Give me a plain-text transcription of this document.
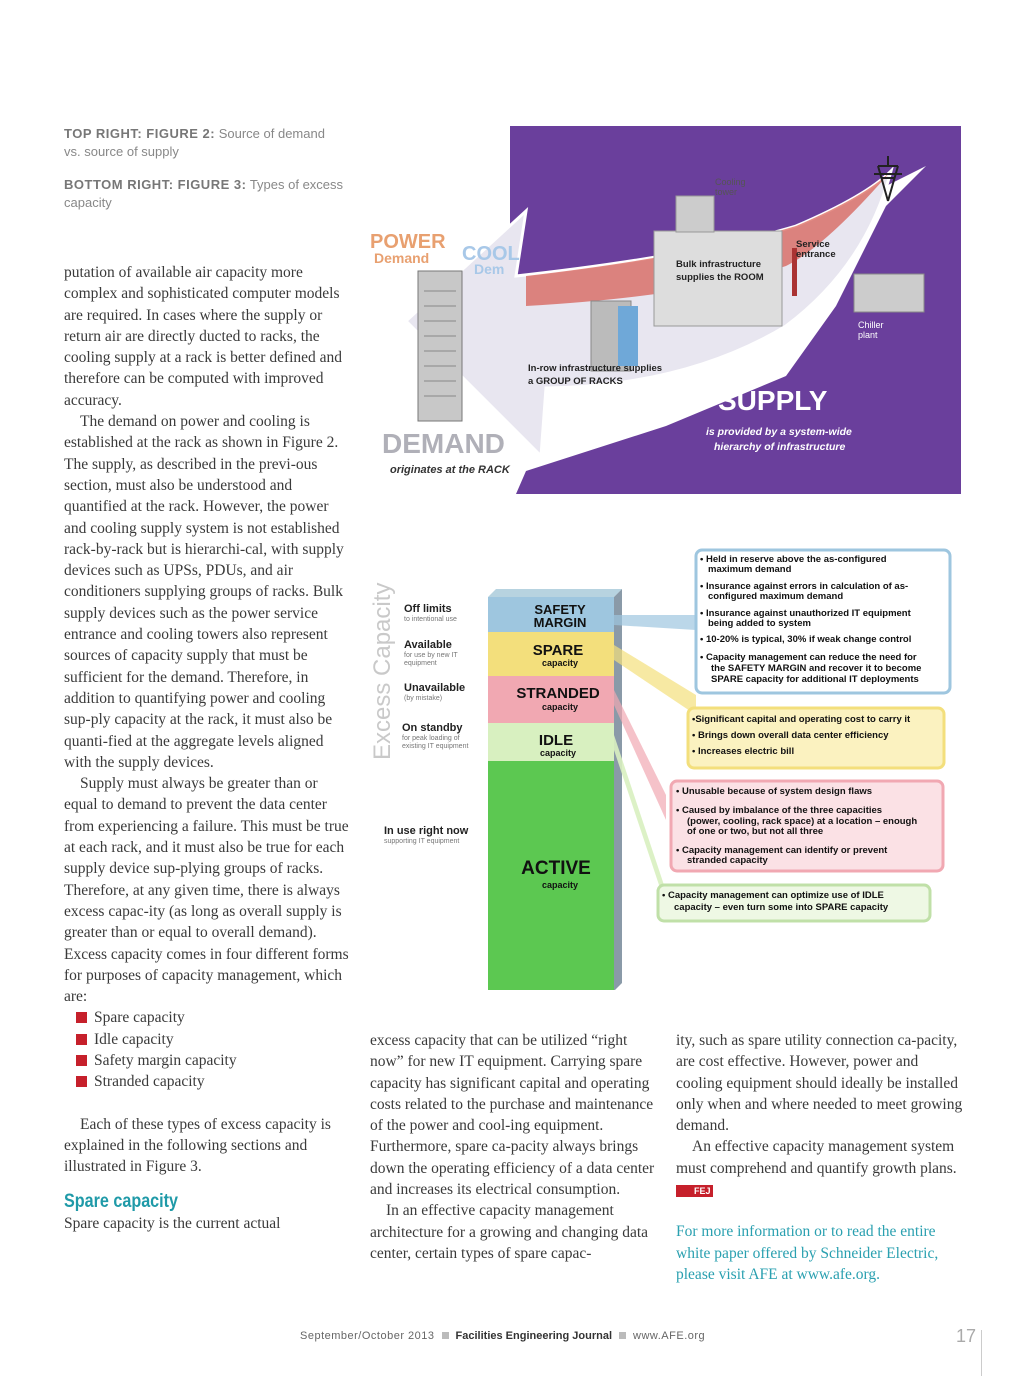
TOP RIGHT: FIGURE 2: Source of demand vs. source of supply
BOTTOM RIGHT: FIGURE 3: Types of excess capacity

putation of available air capacity more complex and sophisticated computer models are required. In cases where the supply or return air are directly ducted to racks, the cooling supply at a rack is better defined and therefore can be computed with improved accuracy.

The demand on power and cooling is established at the rack as shown in Figure 2. The supply, as described in the previ-ous section, must also be understood and quantified at the rack. However, the power and cooling supply system is not established rack-by-rack but is hierarchi-cal, with supply devices such as UPSs, PDUs, and air conditioners supplying groups of racks. Bulk supply devices such as the power service entrance and cooling towers also represent sources of capacity supply that must be sufficient for the demand. Therefore, in addition to quantifying power and cooling sup-ply capacity at the rack, it must also be quanti-fied at the aggregate levels aligned with the supply devices.

Supply must always be greater than or equal to demand to prevent the data center from experiencing a failure. This must be true at each rack, and it must also be true for each supply device sup-plying groups of racks. Therefore, at any given time, there is always excess capac-ity (as long as overall supply is greater than or equal to overall demand). Excess capacity comes in four different forms for purposes of capacity management, which are:

Spare capacity
Idle capacity
Safety margin capacity
Stranded capacity

Each of these types of excess capacity is explained in the following sections and illustrated in Figure 3.

Spare capacity

Spare capacity is the current actual

excess capacity that can be utilized “right now” for new IT equipment. Carrying spare capacity has significant capital and operating costs related to the purchase and maintenance of the power and cool-ing equipment. Furthermore, spare ca-pacity always brings down the operating efficiency of a data center and increases its electrical consumption.

In an effective capacity management architecture for a growing and changing data center, certain types of spare capac-

ity, such as spare utility connection ca-pacity, are cost effective. However, power and cooling equipment should ideally be installed only when and where needed to meet growing demand.

An effective capacity management system must comprehend and quantify growth plans. FEJ

For more information or to read the entire white paper offered by Schneider Electric, please visit AFE at www.afe.org.

POWER
Demand COOL
Dem
Cooling
tower
Service
entrance
Bulk infrastructure
supplies the ROOM
Chiller
plant
In-row infrastructure supplies
a GROUP OF RACKS
SUPPLY
is provided by a system-wide
hierarchy of infrastructure
DEMAND
originates at the RACK
Excess Capacity Off limits
to intentional use
Available
for use by new IT
equipment
Unavailable
(by mistake)
On standby
for peak loading of
existing IT equipment
In use right now
supporting IT equipment
SAFETY
MARGIN
SPARE
capacity
STRANDED
capacity
IDLE
capacity
ACTIVE
capacity
• Held in reserve above the as-configured
maximum demand
• Insurance against errors in calculation of as-
configured maximum demand
• Insurance against unauthorized IT equipment
being added to system
• 10-20% is typical, 30% if weak change control
• Capacity management can reduce the need for
the SAFETY MARGIN and recover it to become
SPARE capacity for additional IT deployments
•Significant capital and operating cost to carry it
• Brings down overall data center efficiency
• Increases electric bill
• Unusable because of system design flaws
• Caused by imbalance of the three capacities
(power, cooling, rack space) at a location – enough
of one or two, but not all three
• Capacity management can identify or prevent
stranded capacity
• Capacity management can optimize use of IDLE
capacity – even turn some into SPARE capacity
September/October 2013 Facilities Engineering Journal www.AFE.org	17
